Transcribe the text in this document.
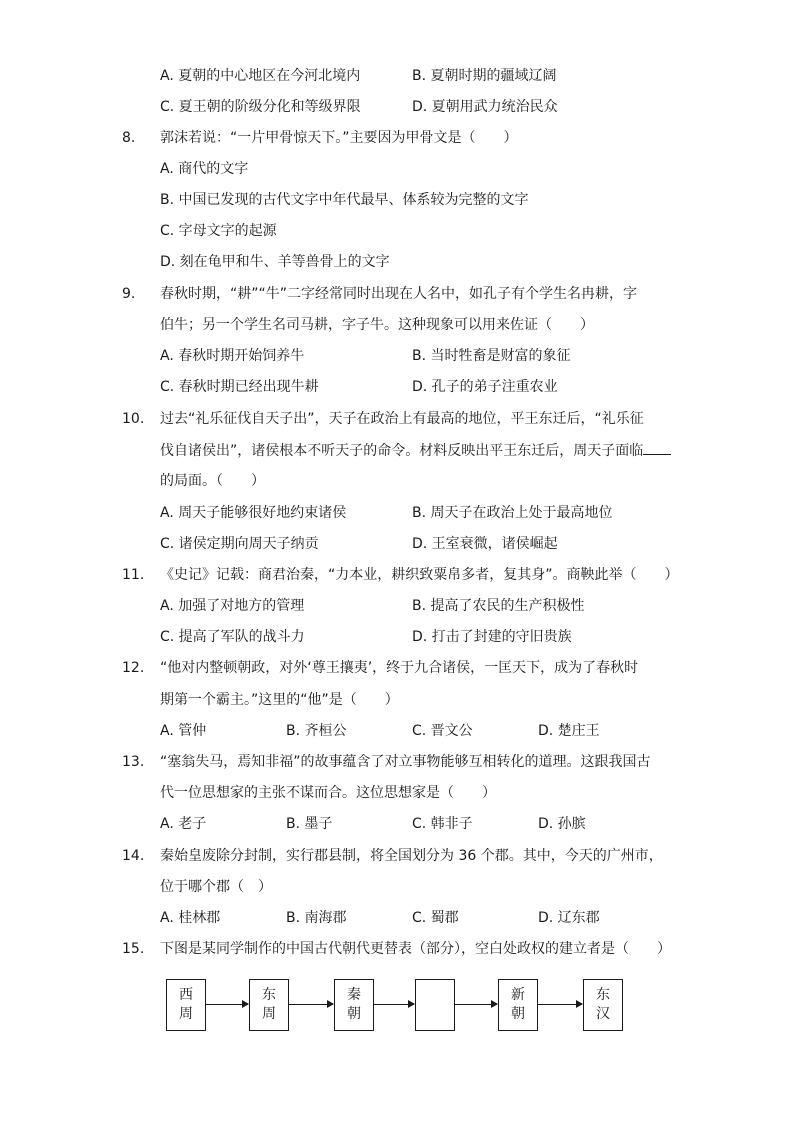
A. 夏朝的中心地区在今河北境内	B. 夏朝时期的疆域辽阔
C. 夏王朝的阶级分化和等级界限	D. 夏朝用武力统治民众
8.	郭沫若说：“一片甲骨惊天下。”主要因为甲骨文是（　　）
A. 商代的文字
B. 中国已发现的古代文字中年代最早、体系较为完整的文字
C. 字母文字的起源
D. 刻在龟甲和牛、羊等兽骨上的文字
9.	春秋时期，“耕”“牛”二字经常同时出现在人名中，如孔子有个学生名冉耕，字
伯牛；另一个学生名司马耕，字子牛。这种现象可以用来佐证（　　）
A. 春秋时期开始饲养牛	B. 当时牲畜是财富的象征
C. 春秋时期已经出现牛耕	D. 孔子的弟子注重农业
10.	过去“礼乐征伐自天子出”，天子在政治上有最高的地位，平王东迁后，“礼乐征
伐自诸侯出”，诸侯根本不听天子的命令。材料反映出平王东迁后，周天子面临
的局面。（　　）
A. 周天子能够很好地约束诸侯	B. 周天子在政治上处于最高地位
C. 诸侯定期向周天子纳贡	D. 王室衰微，诸侯崛起
11.	《史记》记载：商君治秦，“力本业，耕织致粟帛多者，复其身”。商鞅此举（　　）
A. 加强了对地方的管理	B. 提高了农民的生产积极性
C. 提高了军队的战斗力	D. 打击了封建的守旧贵族
12.	“他对内整顿朝政，对外‘尊王攘夷’，终于九合诸侯，一匡天下，成为了春秋时
期第一个霸主。”这里的“他”是（　　）
A. 管仲	B. 齐桓公	C. 晋文公	D. 楚庄王
13.	“塞翁失马，焉知非福”的故事蕴含了对立事物能够互相转化的道理。这跟我国古
代一位思想家的主张不谋而合。这位思想家是（　　）
A. 老子	B. 墨子	C. 韩非子	D. 孙膑
14.	秦始皇废除分封制，实行郡县制，将全国划分为 36 个郡。其中，今天的广州市，
位于哪个郡（　）
A. 桂林郡	B. 南海郡	C. 蜀郡	D. 辽东郡
15.	下图是某同学制作的中国古代朝代更替表（部分），空白处政权的建立者是（　　）
西
周
东
周
秦
朝
新
朝
东
汉
